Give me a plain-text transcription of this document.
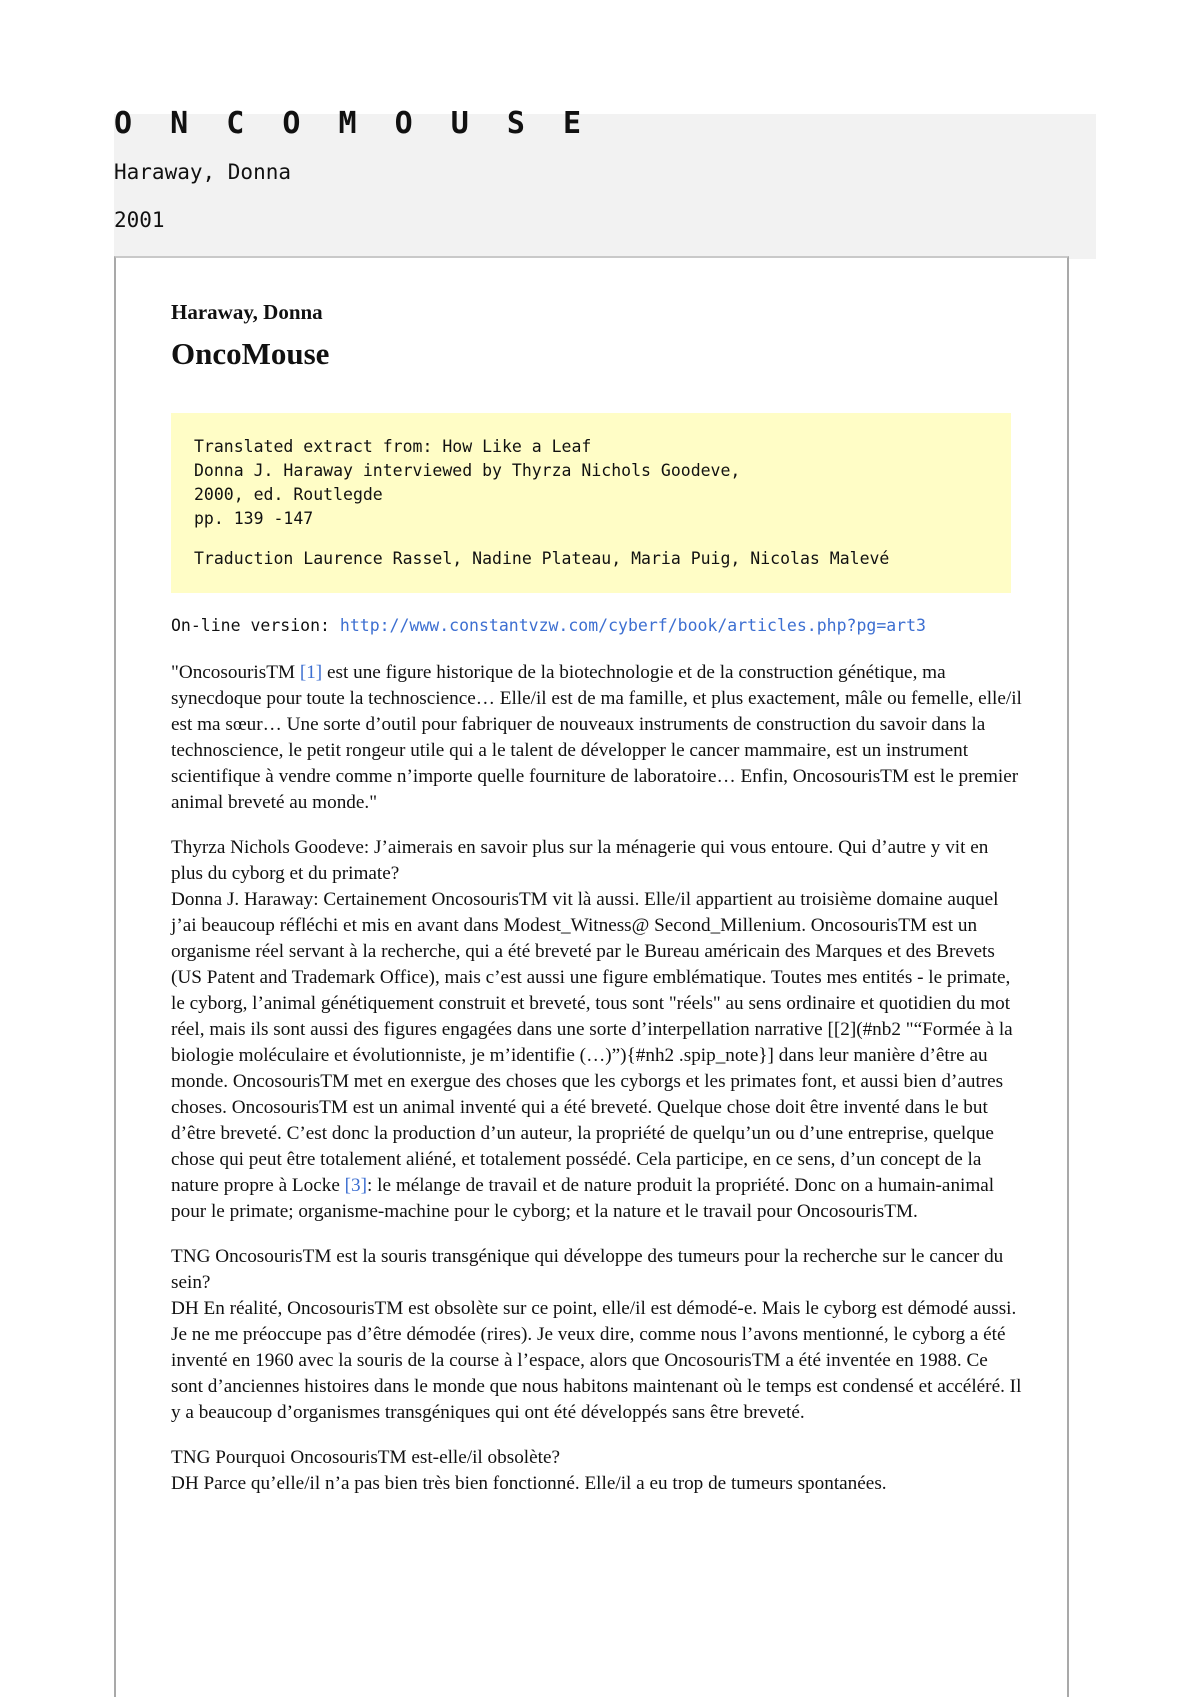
O N C O M O U S E

Haraway, Donna

2001

Haraway, Donna
OncoMouse
Translated extract from: How Like a Leaf
Donna J. Haraway interviewed by Thyrza Nichols Goodeve,
2000, ed. Routlegde
pp. 139 -147
Traduction Laurence Rassel, Nadine Plateau, Maria Puig, Nicolas Malevé

On-line version: http://www.constantvzw.com/cyberf/book/articles.php?pg=art3

"OncosourisTM [1] est une figure historique de la biotechnologie et de la construction génétique, ma synecdoque pour toute la technoscience… Elle/il est de ma famille, et plus exactement, mâle ou femelle, elle/il est ma sœur… Une sorte d’outil pour fabriquer de nouveaux instruments de construction du savoir dans la technoscience, le petit rongeur utile qui a le talent de développer le cancer mammaire, est un instrument scientifique à vendre comme n’importe quelle fourniture de laboratoire… Enfin, OncosourisTM est le premier animal breveté au monde."

Thyrza Nichols Goodeve: J’aimerais en savoir plus sur la ménagerie qui vous entoure. Qui d’autre y vit en plus du cyborg et du primate?
Donna J. Haraway: Certainement OncosourisTM vit là aussi. Elle/il appartient au troisième domaine auquel j’ai beaucoup réfléchi et mis en avant dans Modest_Witness@ Second_Millenium. OncosourisTM est un organisme réel servant à la recherche, qui a été breveté par le Bureau américain des Marques et des Brevets (US Patent and Trademark Office), mais c’est aussi une figure emblématique. Toutes mes entités - le primate, le cyborg, l’animal génétiquement construit et breveté, tous sont "réels" au sens ordinaire et quotidien du mot réel, mais ils sont aussi des figures engagées dans une sorte d’interpellation narrative [[2](#nb2 "“Formée à la biologie moléculaire et évolutionniste, je m’identifie (…)”){#nh2 .spip_note}] dans leur manière d’être au monde. OncosourisTM met en exergue des choses que les cyborgs et les primates font, et aussi bien d’autres choses. OncosourisTM est un animal inventé qui a été breveté. Quelque chose doit être inventé dans le but d’être breveté. C’est donc la production d’un auteur, la propriété de quelqu’un ou d’une entreprise, quelque chose qui peut être totalement aliéné, et totalement possédé. Cela participe, en ce sens, d’un concept de la nature propre à Locke [3]: le mélange de travail et de nature produit la propriété. Donc on a humain-animal pour le primate; organisme-machine pour le cyborg; et la nature et le travail pour OncosourisTM.

TNG OncosourisTM est la souris transgénique qui développe des tumeurs pour la recherche sur le cancer du sein?
DH En réalité, OncosourisTM est obsolète sur ce point, elle/il est démodé-e. Mais le cyborg est démodé aussi. Je ne me préoccupe pas d’être démodée (rires). Je veux dire, comme nous l’avons mentionné, le cyborg a été inventé en 1960 avec la souris de la course à l’espace, alors que OncosourisTM a été inventée en 1988. Ce sont d’anciennes histoires dans le monde que nous habitons maintenant où le temps est condensé et accéléré. Il y a beaucoup d’organismes transgéniques qui ont été développés sans être breveté.

TNG Pourquoi OncosourisTM est-elle/il obsolète?
DH Parce qu’elle/il n’a pas bien très bien fonctionné. Elle/il a eu trop de tumeurs spontanées.
